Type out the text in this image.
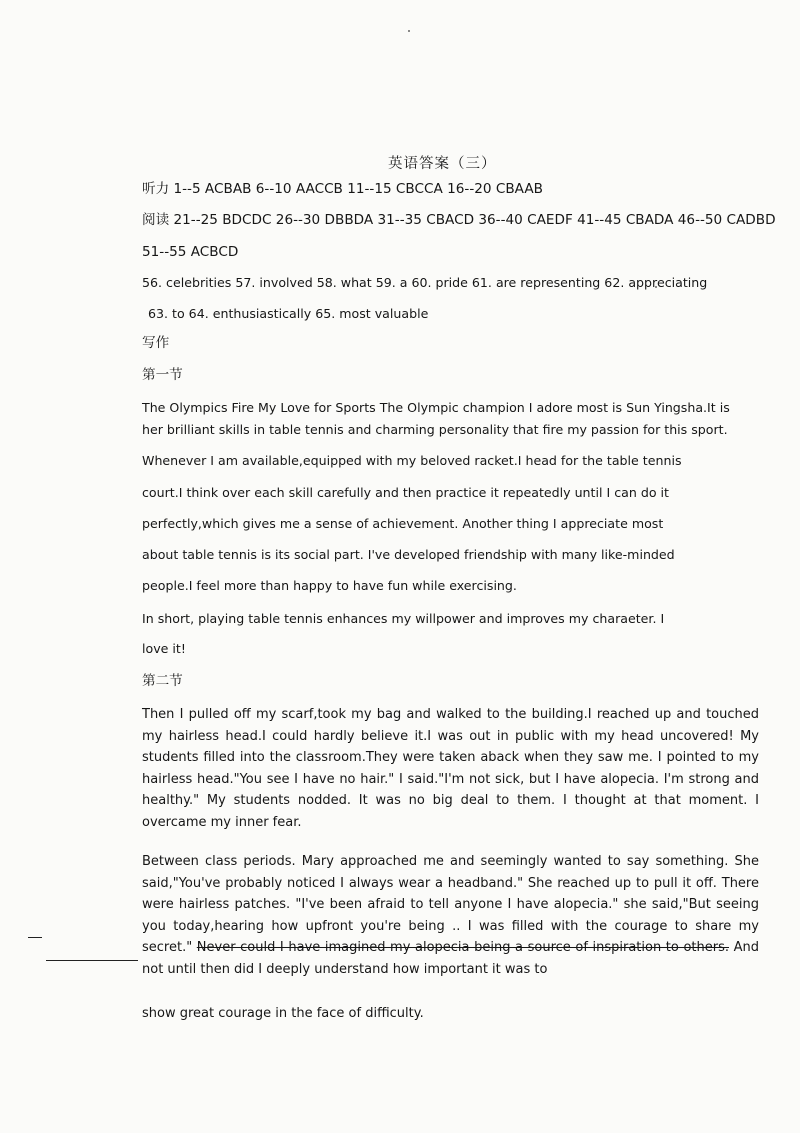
英语答案（三）

听力 1--5 ACBAB 6--10 AACCB 11--15 CBCCA 16--20 CBAAB

阅读 21--25 BDCDC 26--30 DBBDA 31--35 CBACD 36--40 CAEDF 41--45 CBADA 46--50 CADBD

51--55 ACBCD

56. celebrities 57. involved 58. what 59. a 60. pride 61. are representing 62. appreciating

63. to 64. enthusiastically 65. most valuable

写作

第一节

The Olympics Fire My Love for Sports The Olympic champion I adore most is Sun Yingsha.It is

her brilliant skills in table tennis and charming personality that fire my passion for this sport.

Whenever I am available,equipped with my beloved racket.I head for the table tennis

court.I think over each skill carefully and then practice it repeatedly until I can do it

perfectly,which gives me a sense of achievement. Another thing I appreciate most

about table tennis is its social part. I've developed friendship with many like-minded

people.I feel more than happy to have fun while exercising.

In short, playing table tennis enhances my willpower and improves my charaeter. I

love it!

第二节

Then I pulled off my scarf,took my bag and walked to the building.I reached up and touched my hairless head.I could hardly believe it.I was out in public with my head uncovered! My students filled into the classroom.They were taken aback when they saw me. I pointed to my hairless head."You see I have no hair." I said."I'm not sick, but I have alopecia. I'm strong and healthy." My students nodded. It was no big deal to them. I thought at that moment. I overcame my inner fear.

Between class periods. Mary approached me and seemingly wanted to say something. She said,"You've probably noticed I always wear a headband." She reached up to pull it off. There were hairless patches. "I've been afraid to tell anyone I have alopecia." she said,"But seeing you today,hearing how upfront you're being .. I was filled with the courage to share my secret." Never could I have imagined my alopecia being a source of inspiration to others. And not until then did I deeply understand how important it was to

show great courage in the face of difficulty.
